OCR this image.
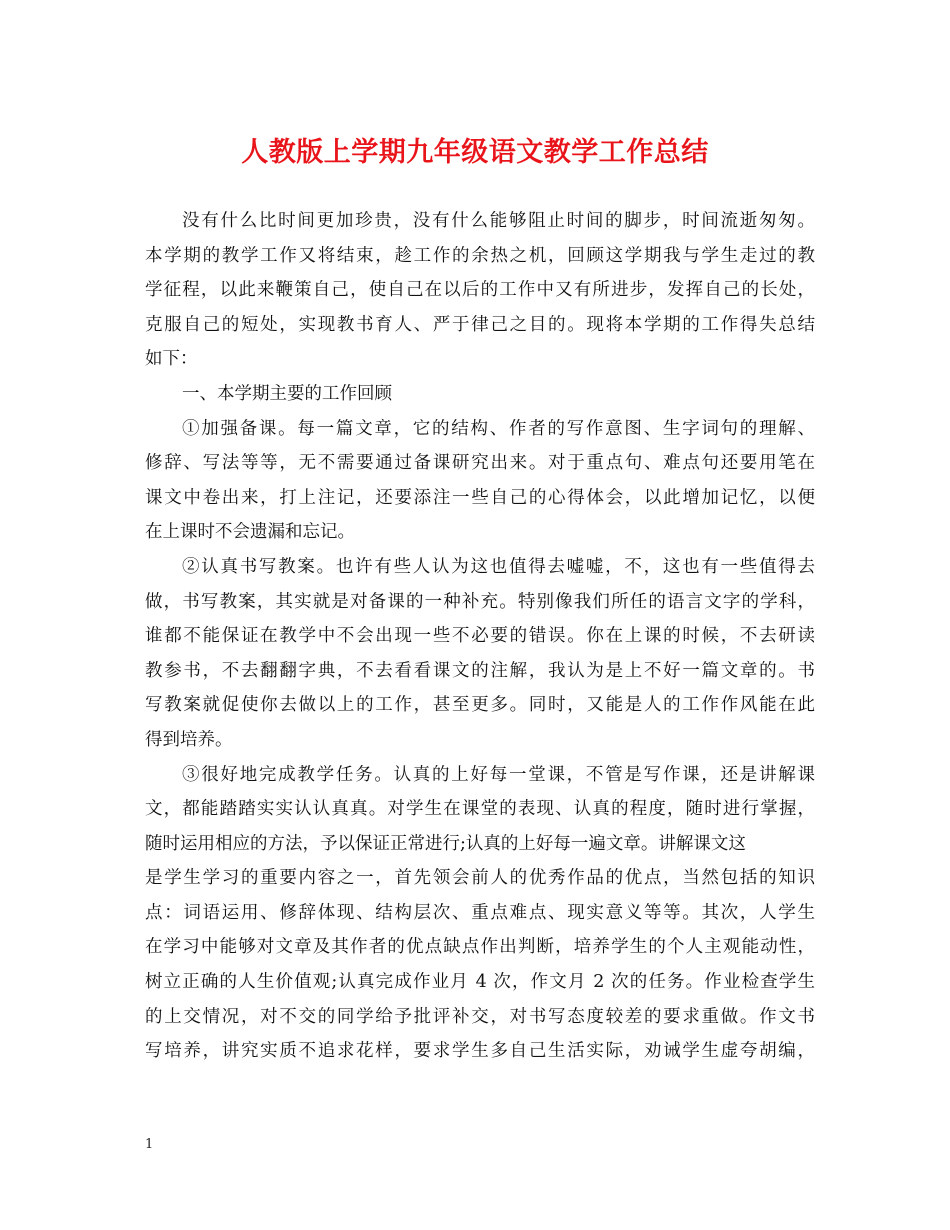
人教版上学期九年级语文教学工作总结
没有什么比时间更加珍贵，没有什么能够阻止时间的脚步，时间流逝匆匆。
本学期的教学工作又将结束，趁工作的余热之机，回顾这学期我与学生走过的教
学征程，以此来鞭策自己，使自己在以后的工作中又有所进步，发挥自己的长处，
克服自己的短处，实现教书育人、严于律己之目的。现将本学期的工作得失总结
如下：
一、本学期主要的工作回顾
①加强备课。每一篇文章，它的结构、作者的写作意图、生字词句的理解、
修辞、写法等等，无不需要通过备课研究出来。对于重点句、难点句还要用笔在
课文中卷出来，打上注记，还要添注一些自己的心得体会，以此增加记忆，以便
在上课时不会遗漏和忘记。
②认真书写教案。也许有些人认为这也值得去嘘嘘，不，这也有一些值得去
做，书写教案，其实就是对备课的一种补充。特别像我们所任的语言文字的学科，
谁都不能保证在教学中不会出现一些不必要的错误。你在上课的时候，不去研读
教参书，不去翻翻字典，不去看看课文的注解，我认为是上不好一篇文章的。书
写教案就促使你去做以上的工作，甚至更多。同时，又能是人的工作作风能在此
得到培养。
③很好地完成教学任务。认真的上好每一堂课，不管是写作课，还是讲解课
文，都能踏踏实实认认真真。对学生在课堂的表现、认真的程度，随时进行掌握，
随时运用相应的方法，予以保证正常进行;认真的上好每一遍文章。讲解课文这
是学生学习的重要内容之一，首先领会前人的优秀作品的优点，当然包括的知识
点：词语运用、修辞体现、结构层次、重点难点、现实意义等等。其次，人学生
在学习中能够对文章及其作者的优点缺点作出判断，培养学生的个人主观能动性，
树立正确的人生价值观;认真完成作业月 4 次，作文月 2 次的任务。作业检查学生
的上交情况，对不交的同学给予批评补交，对书写态度较差的要求重做。作文书
写培养，讲究实质不追求花样，要求学生多自己生活实际，劝诫学生虚夸胡编，
1
